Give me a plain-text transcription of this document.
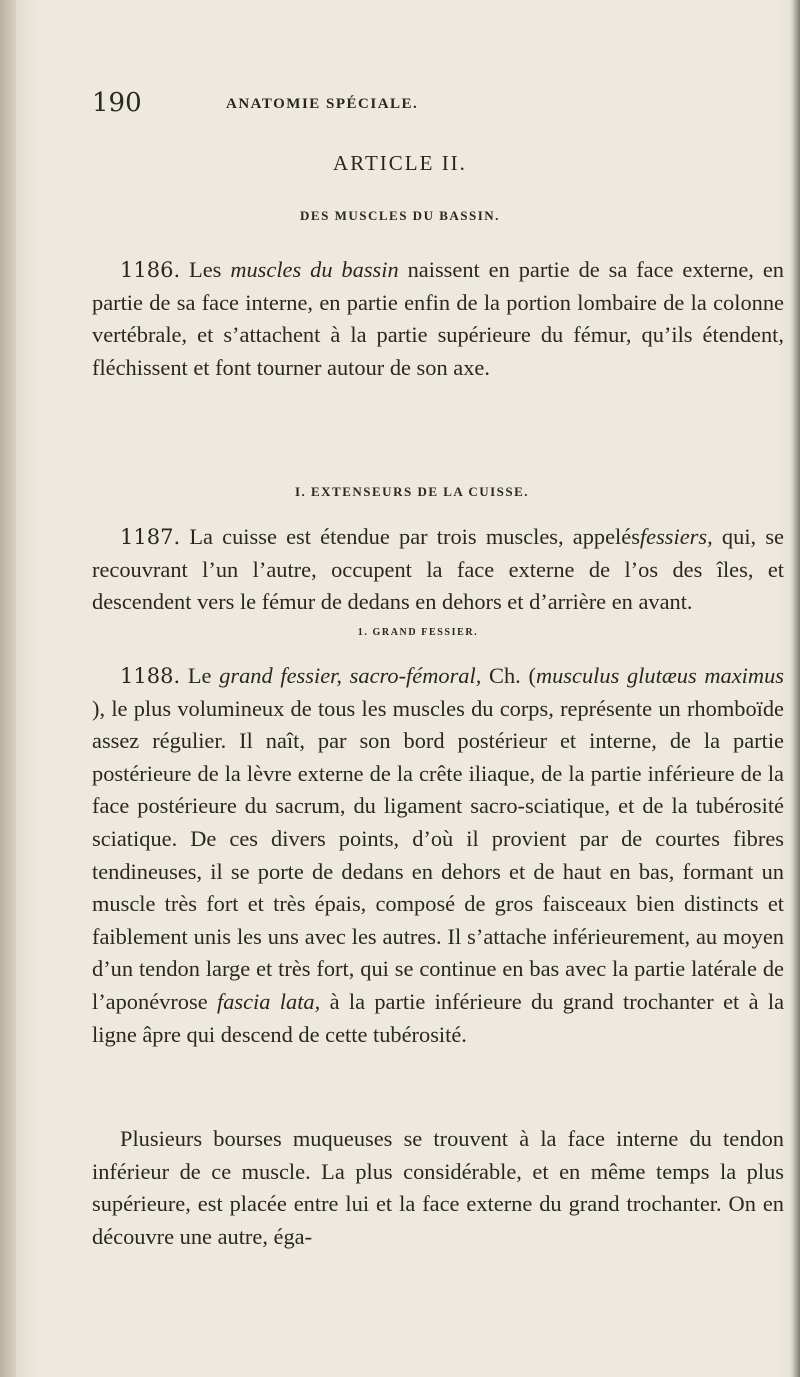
190	ANATOMIE SPÉCIALE.
ARTICLE II.
DES MUSCLES DU BASSIN.

1186. Les muscles du bassin naissent en partie de sa face externe, en partie de sa face interne, en partie enfin de la portion lombaire de la colonne vertébrale, et s’attachent à la partie supérieure du fémur, qu’ils étendent, fléchissent et font tourner autour de son axe.

I. EXTENSEURS DE LA CUISSE.

1187. La cuisse est étendue par trois muscles, appelésfessiers, qui, se recouvrant l’un l’autre, occupent la face externe de l’os des îles, et descendent vers le fémur de dedans en dehors et d’arrière en avant.

1. GRAND FESSIER.

1188. Le grand fessier, sacro-fémoral, Ch. (musculus glutæus maximus ), le plus volumineux de tous les muscles du corps, représente un rhomboïde assez régulier. Il naît, par son bord postérieur et interne, de la partie postérieure de la lèvre externe de la crête iliaque, de la partie inférieure de la face postérieure du sacrum, du ligament sacro-sciatique, et de la tubérosité sciatique. De ces divers points, d’où il provient par de courtes fibres tendineuses, il se porte de dedans en dehors et de haut en bas, formant un muscle très fort et très épais, composé de gros faisceaux bien distincts et faiblement unis les uns avec les autres. Il s’attache inférieurement, au moyen d’un tendon large et très fort, qui se continue en bas avec la partie latérale de l’aponévrose fascia lata, à la partie inférieure du grand trochanter et à la ligne âpre qui descend de cette tubérosité.

Plusieurs bourses muqueuses se trouvent à la face interne du tendon inférieur de ce muscle. La plus considérable, et en même temps la plus supérieure, est placée entre lui et la face externe du grand trochanter. On en découvre une autre, éga-
